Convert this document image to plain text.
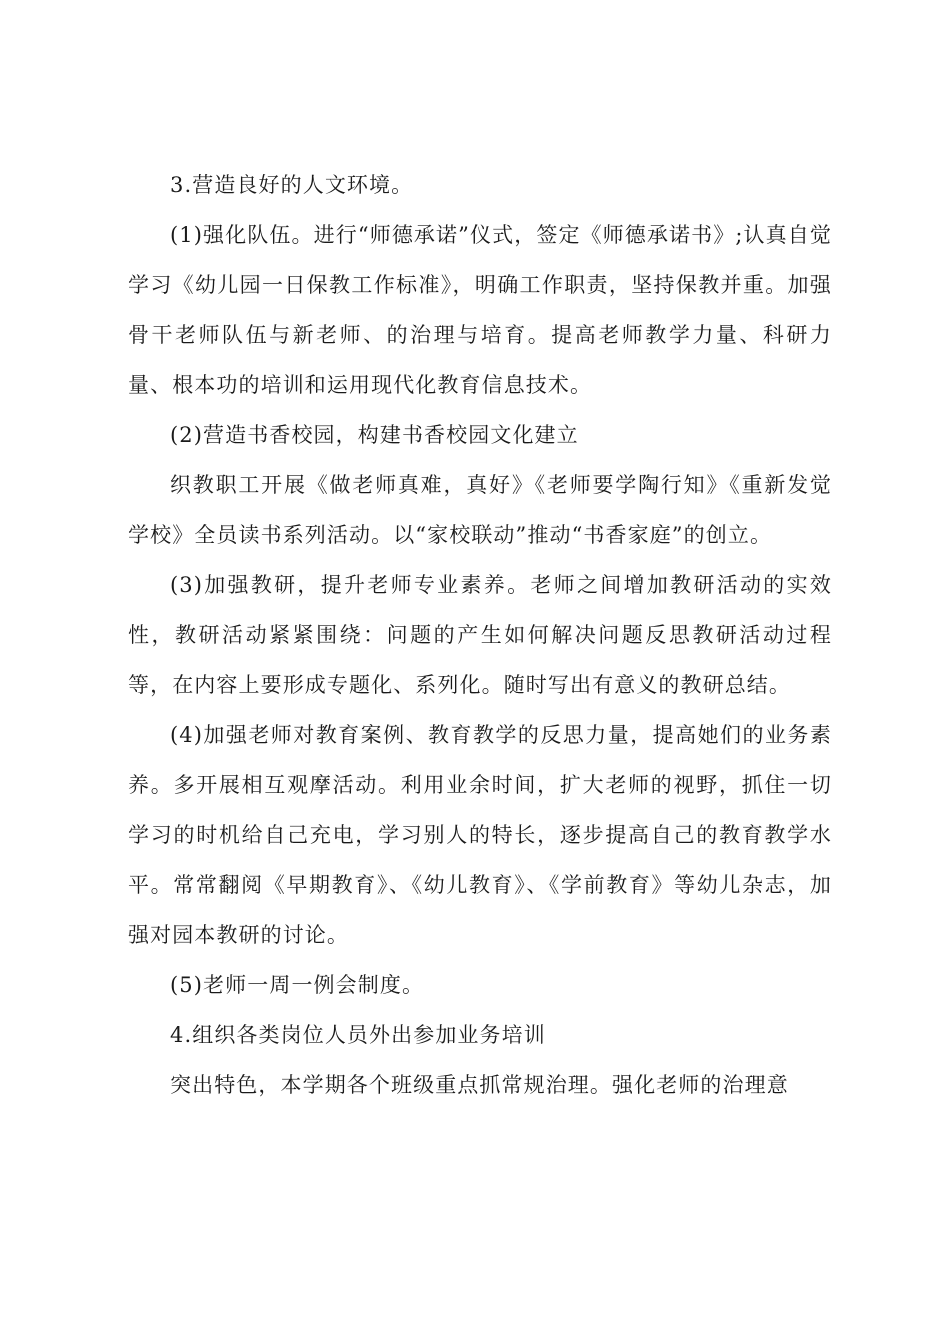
3.营造良好的人文环境。

(1)强化队伍。进行“师德承诺”仪式，签定《师德承诺书》;认真自觉学习《幼儿园一日保教工作标准》，明确工作职责，坚持保教并重。加强骨干老师队伍与新老师、的治理与培育。提高老师教学力量、科研力量、根本功的培训和运用现代化教育信息技术。

(2)营造书香校园，构建书香校园文化建立

织教职工开展《做老师真难，真好》《老师要学陶行知》《重新发觉学校》全员读书系列活动。以“家校联动”推动“书香家庭”的创立。

(3)加强教研，提升老师专业素养。老师之间增加教研活动的实效性，教研活动紧紧围绕：问题的产生如何解决问题反思教研活动过程等，在内容上要形成专题化、系列化。随时写出有意义的教研总结。

(4)加强老师对教育案例、教育教学的反思力量，提高她们的业务素养。多开展相互观摩活动。利用业余时间，扩大老师的视野，抓住一切学习的时机给自己充电，学习别人的特长，逐步提高自己的教育教学水平。常常翻阅《早期教育》、《幼儿教育》、《学前教育》等幼儿杂志，加强对园本教研的讨论。

(5)老师一周一例会制度。

4.组织各类岗位人员外出参加业务培训

突出特色，本学期各个班级重点抓常规治理。强化老师的治理意
